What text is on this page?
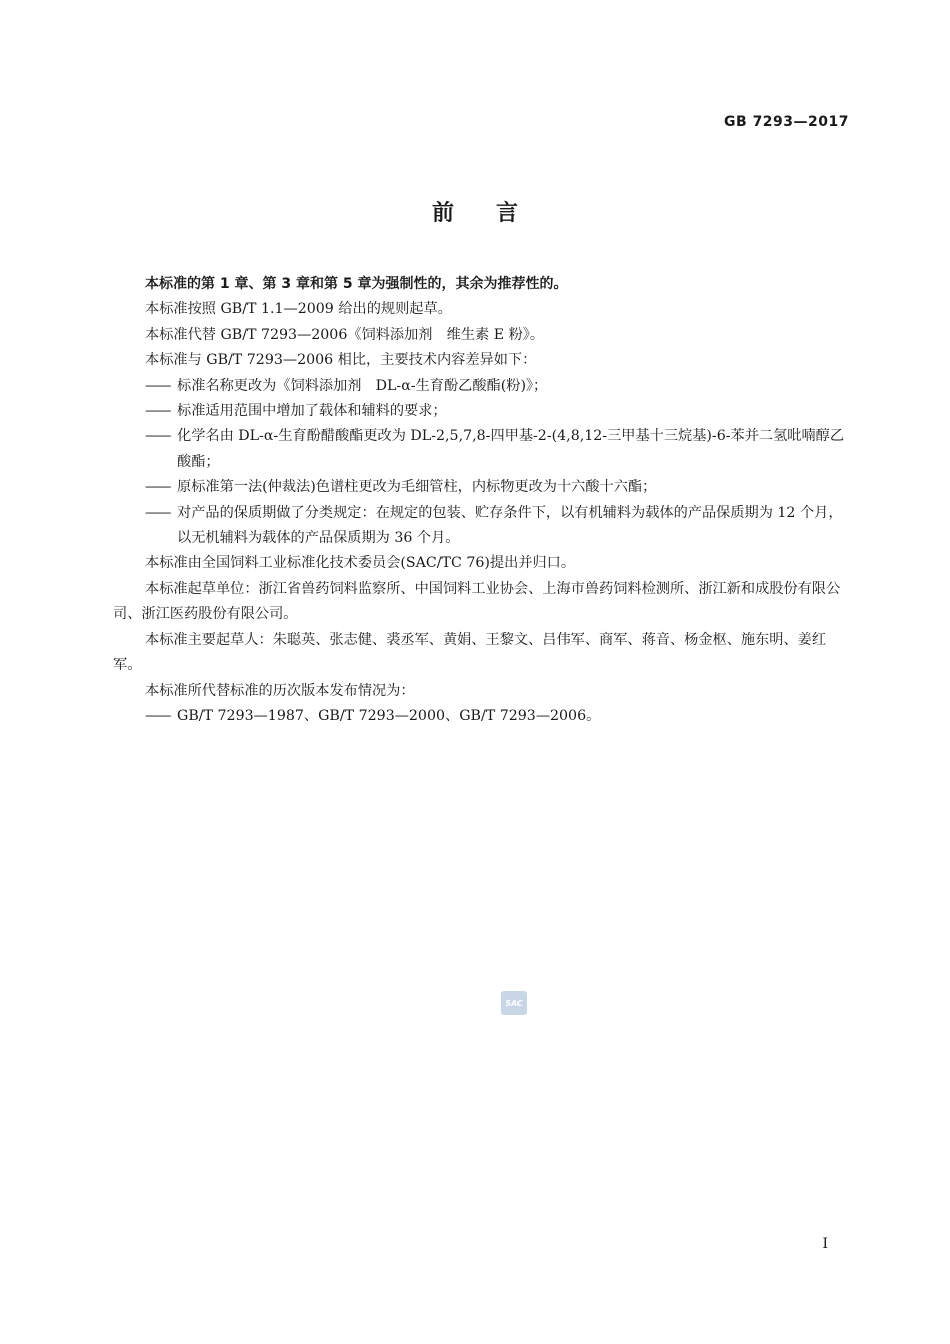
GB 7293—2017
前言

本标准的第 1 章、第 3 章和第 5 章为强制性的，其余为推荐性的。

本标准按照 GB/T 1.1—2009 给出的规则起草。

本标准代替 GB/T 7293—2006《饲料添加剂　维生素 E 粉》。

本标准与 GB/T 7293—2006 相比，主要技术内容差异如下：

—— 标准名称更改为《饲料添加剂　DL-α-生育酚乙酸酯(粉)》；

—— 标准适用范围中增加了载体和辅料的要求；

—— 化学名由 DL-α-生育酚醋酸酯更改为 DL-2,5,7,8-四甲基-2-(4,8,12-三甲基十三烷基)-6-苯并二氢吡喃醇乙酸酯；

—— 原标准第一法(仲裁法)色谱柱更改为毛细管柱，内标物更改为十六酸十六酯；

—— 对产品的保质期做了分类规定：在规定的包装、贮存条件下，以有机辅料为载体的产品保质期为 12 个月，以无机辅料为载体的产品保质期为 36 个月。

本标准由全国饲料工业标准化技术委员会(SAC/TC 76)提出并归口。

本标准起草单位：浙江省兽药饲料监察所、中国饲料工业协会、上海市兽药饲料检测所、浙江新和成股份有限公司、浙江医药股份有限公司。

本标准主要起草人：朱聪英、张志健、裘丞军、黄娟、王黎文、吕伟军、商军、蒋音、杨金枢、施东明、姜红军。

本标准所代替标准的历次版本发布情况为：

—— GB/T 7293—1987、GB/T 7293—2000、GB/T 7293—2006。

SAC
I
